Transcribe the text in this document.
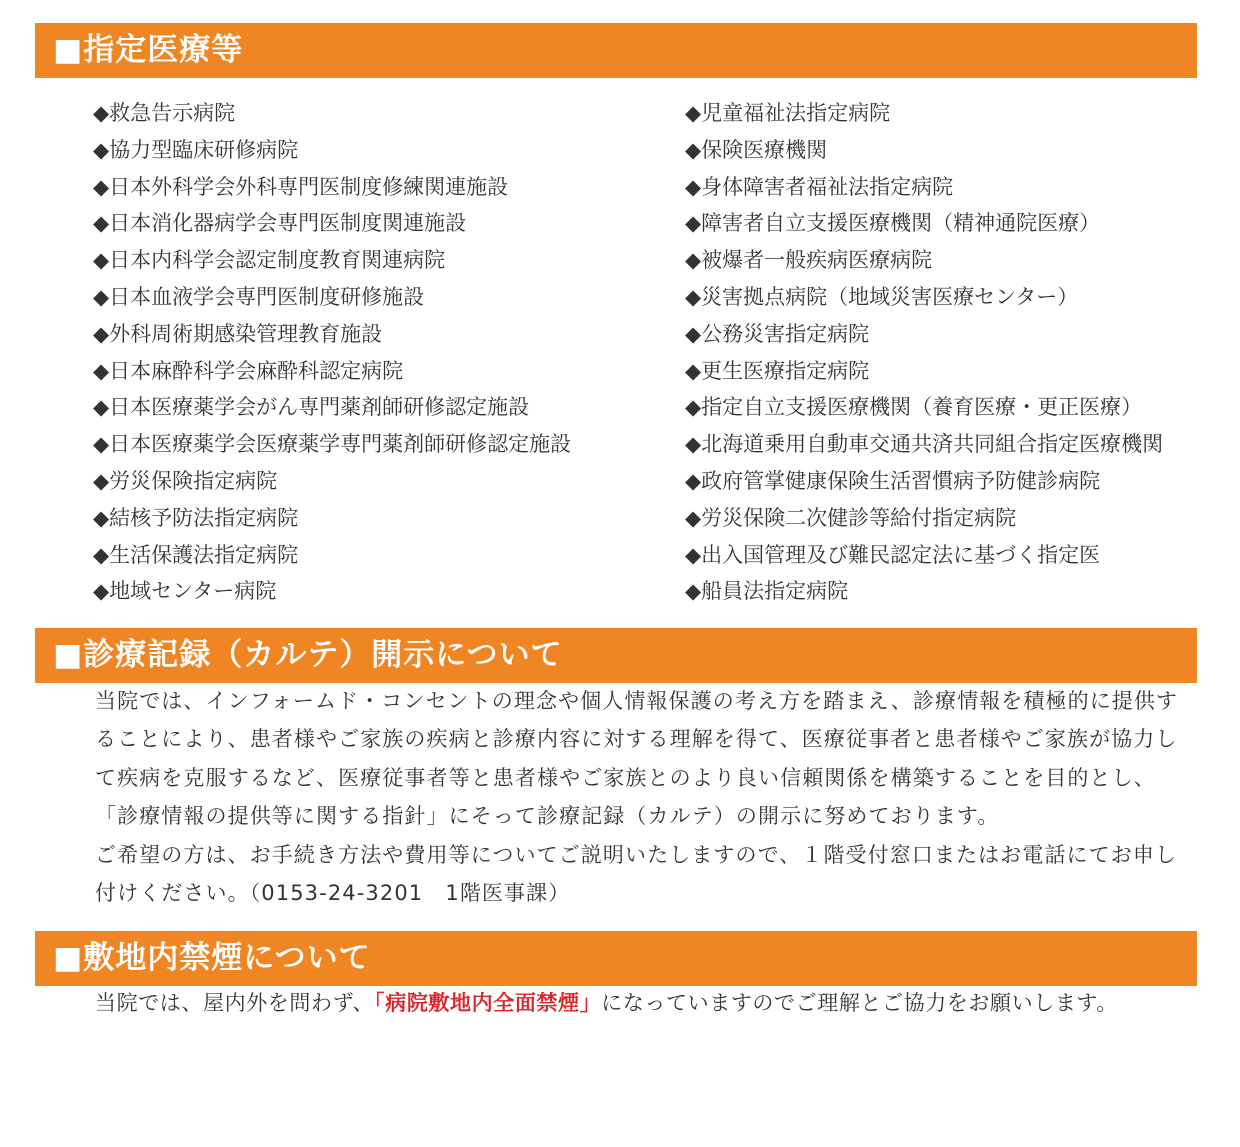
■指定医療等
◆救急告示病院
◆協力型臨床研修病院
◆日本外科学会外科専門医制度修練関連施設
◆日本消化器病学会専門医制度関連施設
◆日本内科学会認定制度教育関連病院
◆日本血液学会専門医制度研修施設
◆外科周術期感染管理教育施設
◆日本麻酔科学会麻酔科認定病院
◆日本医療薬学会がん専門薬剤師研修認定施設
◆日本医療薬学会医療薬学専門薬剤師研修認定施設
◆労災保険指定病院
◆結核予防法指定病院
◆生活保護法指定病院
◆地域センター病院
◆児童福祉法指定病院
◆保険医療機関
◆身体障害者福祉法指定病院
◆障害者自立支援医療機関（精神通院医療）
◆被爆者一般疾病医療病院
◆災害拠点病院（地域災害医療センター）
◆公務災害指定病院
◆更生医療指定病院
◆指定自立支援医療機関（養育医療・更正医療）
◆北海道乗用自動車交通共済共同組合指定医療機関
◆政府管掌健康保険生活習慣病予防健診病院
◆労災保険二次健診等給付指定病院
◆出入国管理及び難民認定法に基づく指定医
◆船員法指定病院
■診療記録（カルテ）開示について
当院では、インフォームド・コンセントの理念や個人情報保護の考え方を踏まえ、診療情報を積極的に提供することにより、患者様やご家族の疾病と診療内容に対する理解を得て、医療従事者と患者様やご家族が協力して疾病を克服するなど、医療従事者等と患者様やご家族とのより良い信頼関係を構築することを目的とし、「診療情報の提供等に関する指針」にそって診療記録（カルテ）の開示に努めております。
ご希望の方は、お手続き方法や費用等についてご説明いたしますので、１階受付窓口またはお電話にてお申し付けください。（0153-24-3201　1階医事課）
■敷地内禁煙について
当院では、屋内外を問わず、「病院敷地内全面禁煙」になっていますのでご理解とご協力をお願いします。
